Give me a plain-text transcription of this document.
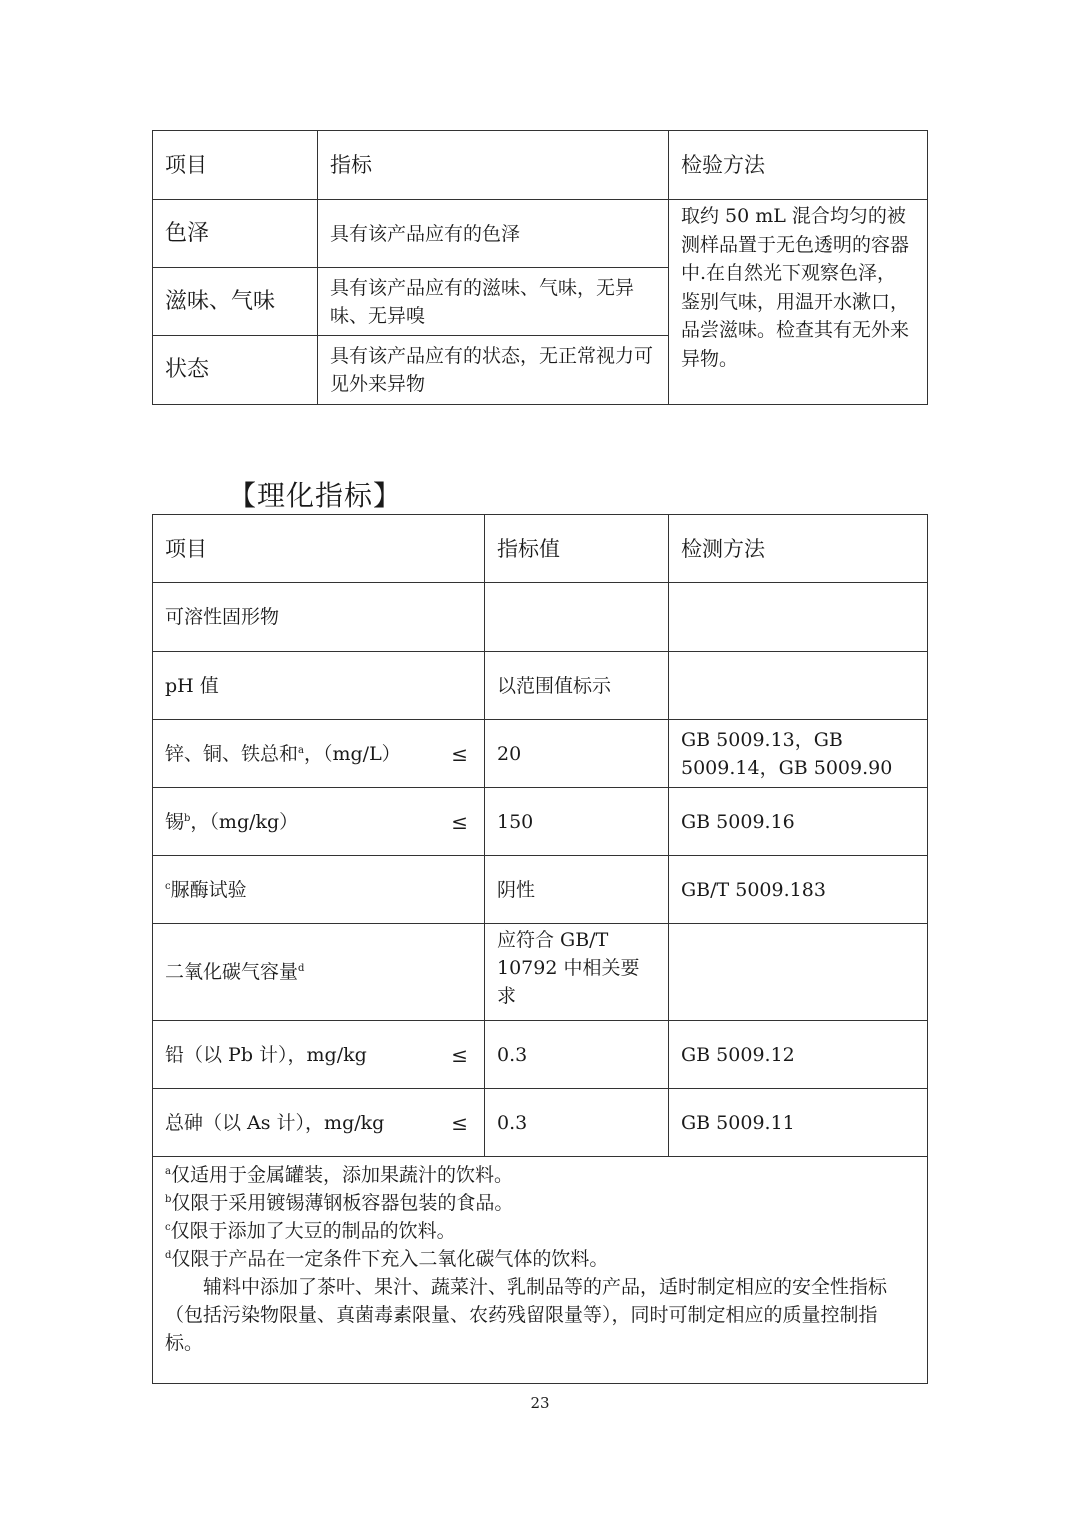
项目	指标	检验方法
色泽	具有该产品应有的色泽	取约 50 mL 混合均匀的被测样品置于无色透明的容器中.在自然光下观察色泽，鉴别气味，用温开水漱口，品尝滋味。检查其有无外来异物。
滋味、气味	具有该产品应有的滋味、气味，无异味、无异嗅	
状态	具有该产品应有的状态，无正常视力可见外来异物	
【理化指标】
项目	指标值	检测方法
可溶性固形物		
pH 值	以范围值标示	
锌、铜、铁总和$^a$，（mg/L） ≤	20	GB 5009.13，GB 5009.14，GB 5009.90
锡$^b$，（mg/kg） ≤	150	GB 5009.16
$^c$脲酶试验	阴性	GB/T 5009.183
二氧化碳气容量$^d$	应符合 GB/T 10792 中相关要求	
铅（以 Pb 计），mg/kg ≤	0.3	GB 5009.12
总砷（以 As 计），mg/kg ≤	0.3	GB 5009.11

$^a$仅适用于金属罐装，添加果蔬汁的饮料。
$^b$仅限于采用镀锡薄钢板容器包装的食品。
$^c$仅限于添加了大豆的制品的饮料。
$^d$仅限于产品在一定条件下充入二氧化碳气体的饮料。
辅料中添加了茶叶、果汁、蔬菜汁、乳制品等的产品，适时制定相应的安全性指标（包括污染物限量、真菌毒素限量、农药残留限量等），同时可制定相应的质量控制指标。		
23
